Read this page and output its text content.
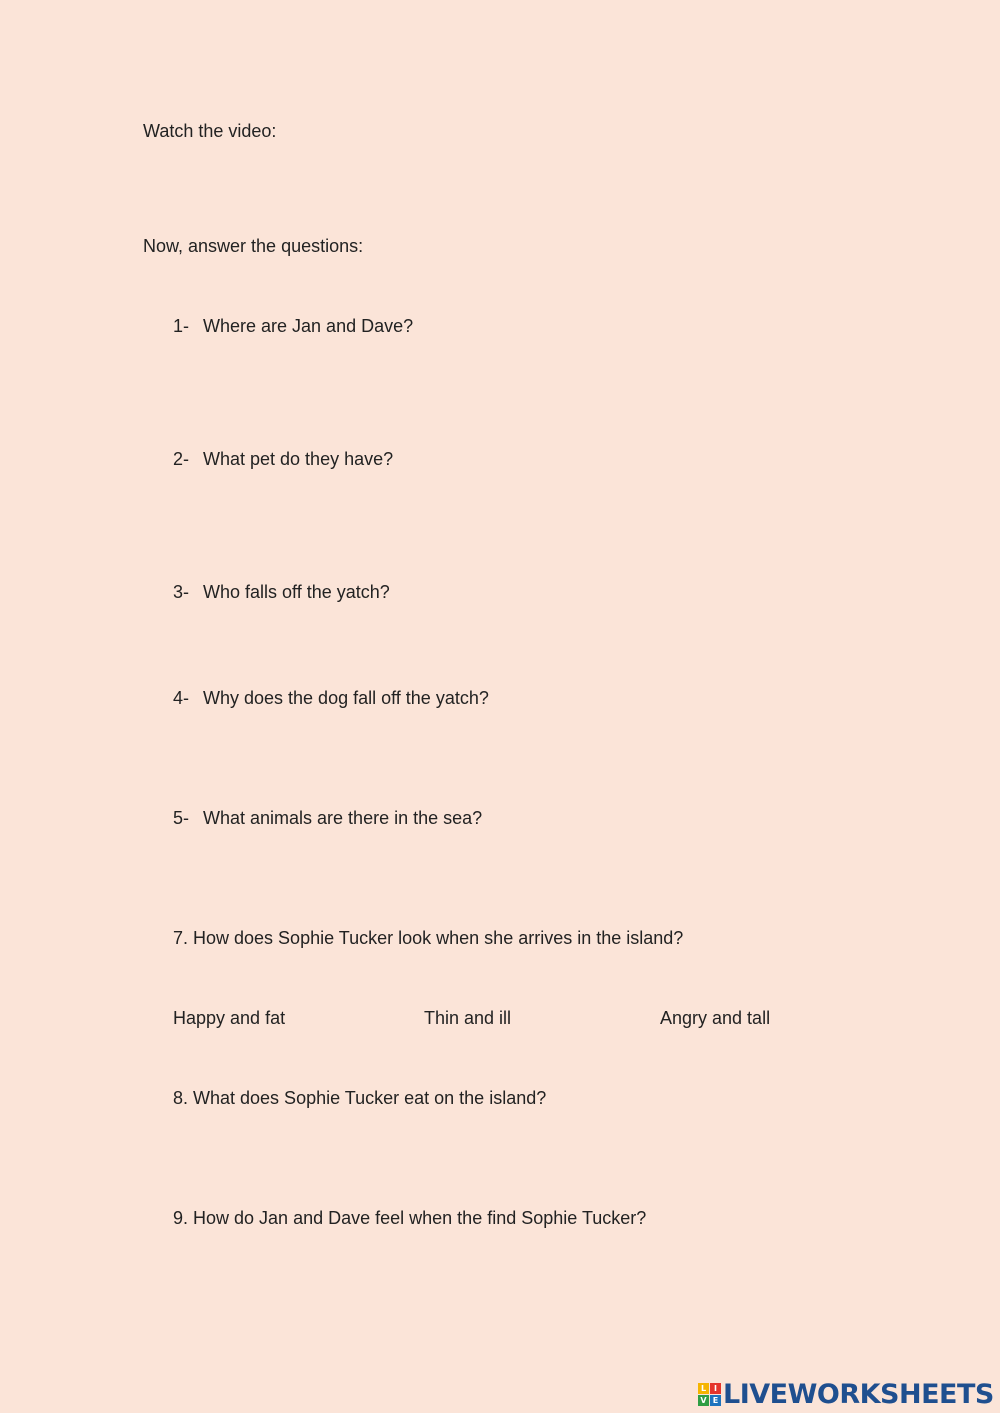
Watch the video:
Now, answer the questions:
1- Where are Jan and Dave?
2- What pet do they have?
3- Who falls off the yatch?
4- Why does the dog fall off the yatch?
5- What animals are there in the sea?
7. How does Sophie Tucker look when she arrives in the island?
Happy and fat	Thin and ill	Angry and tall
8. What does Sophie Tucker eat on the island?
9. How do Jan and Dave feel when the find Sophie Tucker?
L I
V E LIVEWORKSHEETS
